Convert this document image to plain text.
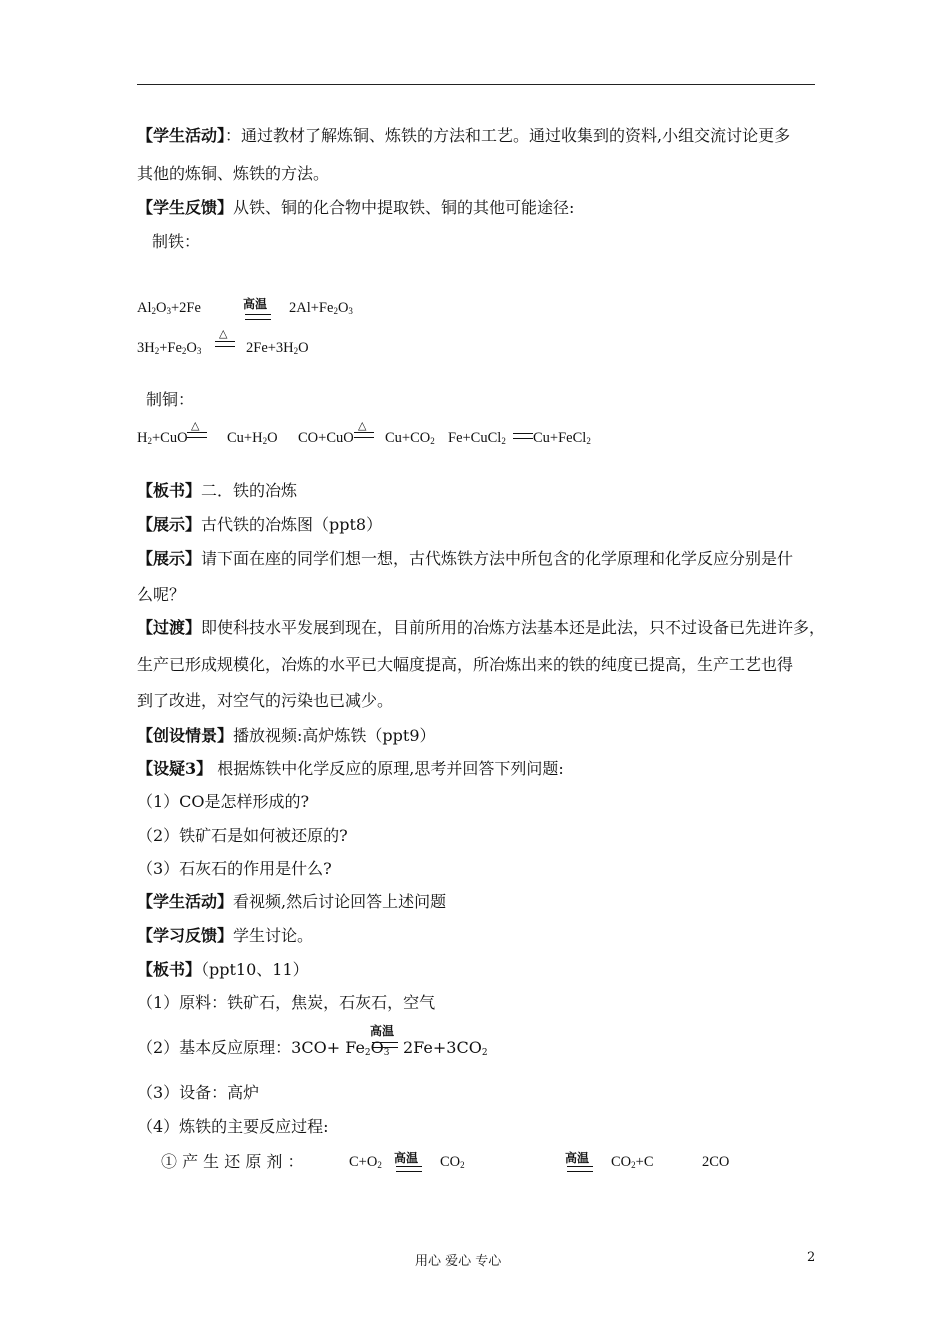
【学生活动】：通过教材了解炼铜、炼铁的方法和工艺。通过收集到的资料,小组交流讨论更多
其他的炼铜、炼铁的方法。
【学生反馈】从铁、铜的化合物中提取铁、铜的其他可能途径:
制铁：
$Al_2O_3+2Fe$	高温 $2Al+Fe_2O_3$
$3H_2+Fe_2O_3$
△
$2Fe+3H_2O$
制铜：
$H_2+CuO$
△
$Cu+H_2O$ CO+CuO
△
$Cu+CO_2$ Fe+CuCl$_2$ Cu+FeCl$_2$
【板书】二．铁的冶炼
【展示】古代铁的冶炼图（ppt8）
【展示】请下面在座的同学们想一想，古代炼铁方法中所包含的化学原理和化学反应分别是什
么呢？
【过渡】即使科技水平发展到现在，目前所用的冶炼方法基本还是此法，只不过设备已先进许多，
生产已形成规模化，冶炼的水平已大幅度提高，所冶炼出来的铁的纯度已提高，生产工艺也得
到了改进，对空气的污染也已减少。
【创设情景】播放视频:高炉炼铁（ppt9）
【设疑3】 根据炼铁中化学反应的原理,思考并回答下列问题:
（1）CO是怎样形成的?
（2）铁矿石是如何被还原的?
（3）石灰石的作用是什么?
【学生活动】看视频,然后讨论回答上述问题
【学习反馈】学生讨论。
【板书】（ppt10、11）
（1）原料：铁矿石，焦炭，石灰石，空气
（2）基本反应原理：$3CO+ Fe_2O_3$
高温
$2Fe+3CO_2$
（3）设备：高炉
（4）炼铁的主要反应过程:
① 产 生 还 原 剂 ：	$C+O_2$ 高温 $CO_2$	高温 $CO_2+C$	2CO
用心 爱心 专心	2
